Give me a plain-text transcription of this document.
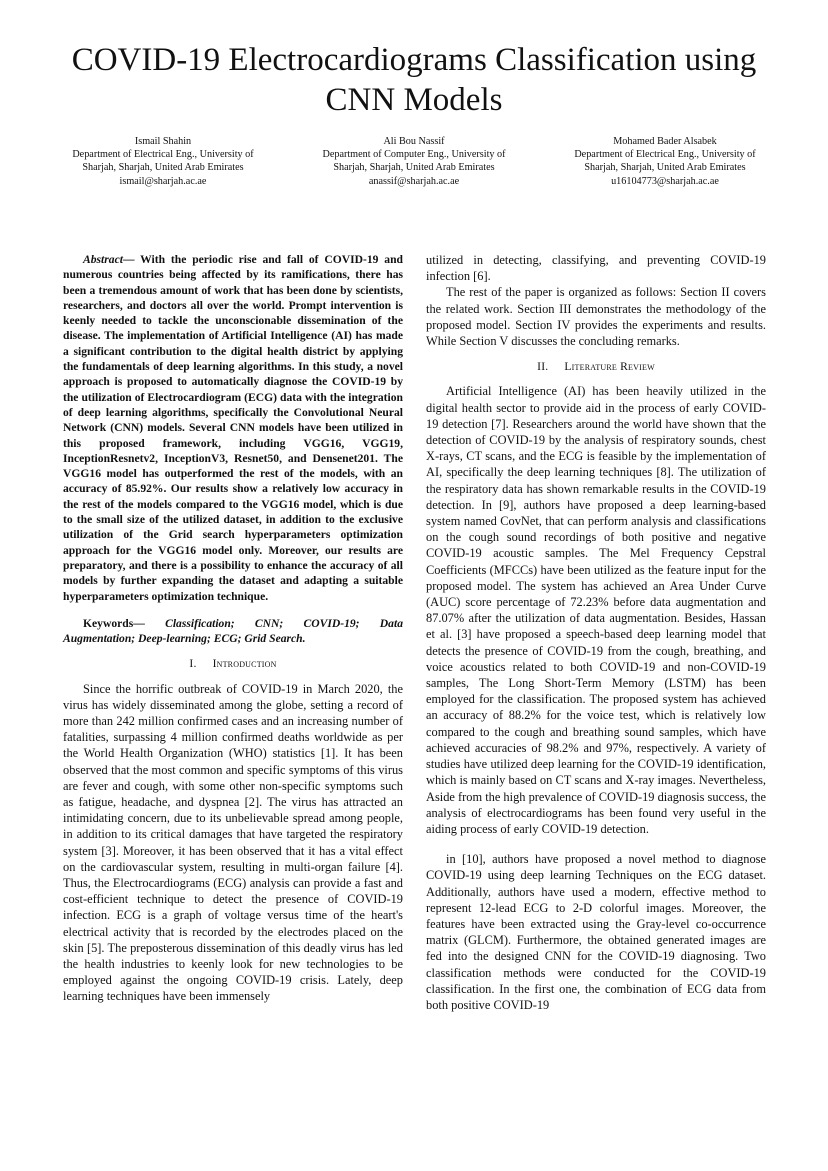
COVID-19 Electrocardiograms Classification using CNN Models
Ismail Shahin
Department of Electrical Eng., University of
Sharjah, Sharjah, United Arab Emirates
ismail@sharjah.ac.ae
Ali Bou Nassif
Department of Computer Eng., University of
Sharjah, Sharjah, United Arab Emirates
anassif@sharjah.ac.ae
Mohamed Bader Alsabek
Department of Electrical Eng., University of
Sharjah, Sharjah, United Arab Emirates
u16104773@sharjah.ac.ae

Abstract— With the periodic rise and fall of COVID-19 and numerous countries being affected by its ramifications, there has been a tremendous amount of work that has been done by scientists, researchers, and doctors all over the world. Prompt intervention is keenly needed to tackle the unconscionable dissemination of the disease. The implementation of Artificial Intelligence (AI) has made a significant contribution to the digital health district by applying the fundamentals of deep learning algorithms. In this study, a novel approach is proposed to automatically diagnose the COVID-19 by the utilization of Electrocardiogram (ECG) data with the integration of deep learning algorithms, specifically the Convolutional Neural Network (CNN) models. Several CNN models have been utilized in this proposed framework, including VGG16, VGG19, InceptionResnetv2, InceptionV3, Resnet50, and Densenet201. The VGG16 model has outperformed the rest of the models, with an accuracy of 85.92%. Our results show a relatively low accuracy in the rest of the models compared to the VGG16 model, which is due to the small size of the utilized dataset, in addition to the exclusive utilization of the Grid search hyperparameters optimization approach for the VGG16 model only. Moreover, our results are preparatory, and there is a possibility to enhance the accuracy of all models by further expanding the dataset and adapting a suitable hyperparameters optimization technique.

Keywords— Classification; CNN; COVID-19; Data Augmentation; Deep-learning; ECG; Grid Search.

I. Introduction

Since the horrific outbreak of COVID-19 in March 2020, the virus has widely disseminated among the globe, setting a record of more than 242 million confirmed cases and an increasing number of fatalities, surpassing 4 million confirmed deaths worldwide as per the World Health Organization (WHO) statistics [1]. It has been observed that the most common and specific symptoms of this virus are fever and cough, with some other non-specific symptoms such as fatigue, headache, and dyspnea [2]. The virus has attracted an intimidating concern, due to its unbelievable spread among people, in addition to its critical damages that have targeted the respiratory system [3]. Moreover, it has been observed that it has a vital effect on the cardiovascular system, resulting in multi-organ failure [4]. Thus, the Electrocardiograms (ECG) analysis can provide a fast and cost-efficient technique to detect the presence of COVID-19 infection. ECG is a graph of voltage versus time of the heart's electrical activity that is recorded by the electrodes placed on the skin [5]. The preposterous dissemination of this deadly virus has led the health industries to keenly look for new technologies to be employed against the ongoing COVID-19 crisis. Lately, deep learning techniques have been immensely

utilized in detecting, classifying, and preventing COVID-19 infection [6].

The rest of the paper is organized as follows: Section II covers the related work. Section III demonstrates the methodology of the proposed model. Section IV provides the experiments and results. While Section V discusses the concluding remarks.

II. Literature Review

Artificial Intelligence (AI) has been heavily utilized in the digital health sector to provide aid in the process of early COVID-19 detection [7]. Researchers around the world have shown that the detection of COVID-19 by the analysis of respiratory sounds, chest X-rays, CT scans, and the ECG is feasible by the implementation of AI, specifically the deep learning techniques [8]. The utilization of the respiratory data has shown remarkable results in the COVID-19 detection. In [9], authors have proposed a deep learning-based system named CovNet, that can perform analysis and classifications on the cough sound recordings of both positive and negative COVID-19 acoustic samples. The Mel Frequency Cepstral Coefficients (MFCCs) have been utilized as the feature input for the proposed model. The system has achieved an Area Under Curve (AUC) score percentage of 72.23% before data augmentation and 87.07% after the utilization of data augmentation. Besides, Hassan et al. [3] have proposed a speech-based deep learning model that detects the presence of COVID-19 from the cough, breathing, and voice acoustics related to both COVID-19 and non-COVID-19 samples, The Long Short-Term Memory (LSTM) has been employed for the classification. The proposed system has achieved an accuracy of 88.2% for the voice test, which is relatively low compared to the cough and breathing sound samples, which have achieved accuracies of 98.2% and 97%, respectively. A variety of studies have utilized deep learning for the COVID-19 identification, which is mainly based on CT scans and X-ray images. Nevertheless, Aside from the high prevalence of COVID-19 diagnosis success, the analysis of electrocardiograms has been found very useful in the aiding process of early COVID-19 detection.

in [10], authors have proposed a novel method to diagnose COVID-19 using deep learning Techniques on the ECG dataset. Additionally, authors have used a modern, effective method to represent 12-lead ECG to 2-D colorful images. Moreover, the features have been extracted using the Gray-level co-occurrence matrix (GLCM). Furthermore, the obtained generated images are fed into the designed CNN for the COVID-19 diagnosing. Two classification methods were conducted for the COVID-19 classification. In the first one, the combination of ECG data from both positive COVID-19
